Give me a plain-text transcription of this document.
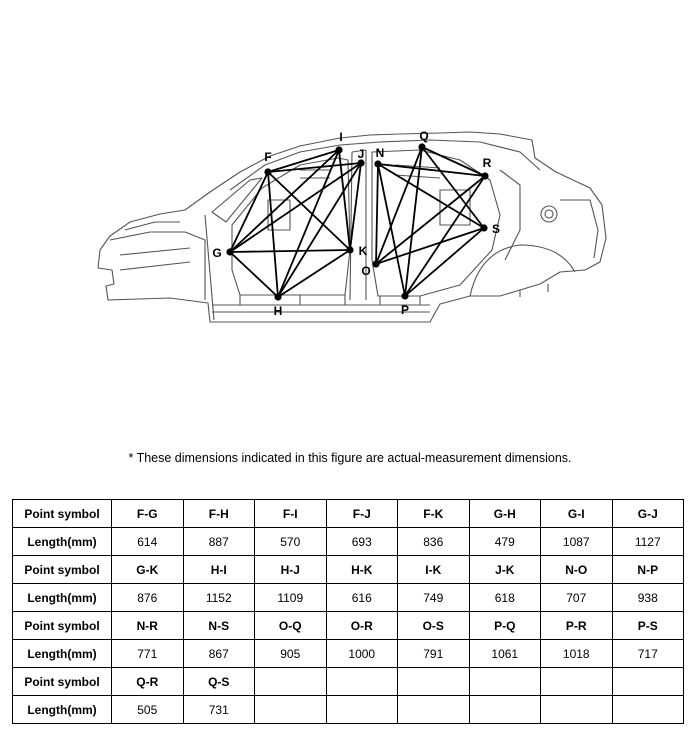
F
G
H
I
J
K
N
O
P
Q
R
S
* These dimensions indicated in this figure are actual-measurement dimensions.
Point symbol	F-G	F-H	F-I	F-J	F-K	G-H	G-I	G-J
Length(mm)	614	887	570	693	836	479	1087	1127
Point symbol	G-K	H-I	H-J	H-K	I-K	J-K	N-O	N-P
Length(mm)	876	1152	1109	616	749	618	707	938
Point symbol	N-R	N-S	O-Q	O-R	O-S	P-Q	P-R	P-S
Length(mm)	771	867	905	1000	791	1061	1018	717
Point symbol	Q-R	Q-S						
Length(mm)	505	731						
